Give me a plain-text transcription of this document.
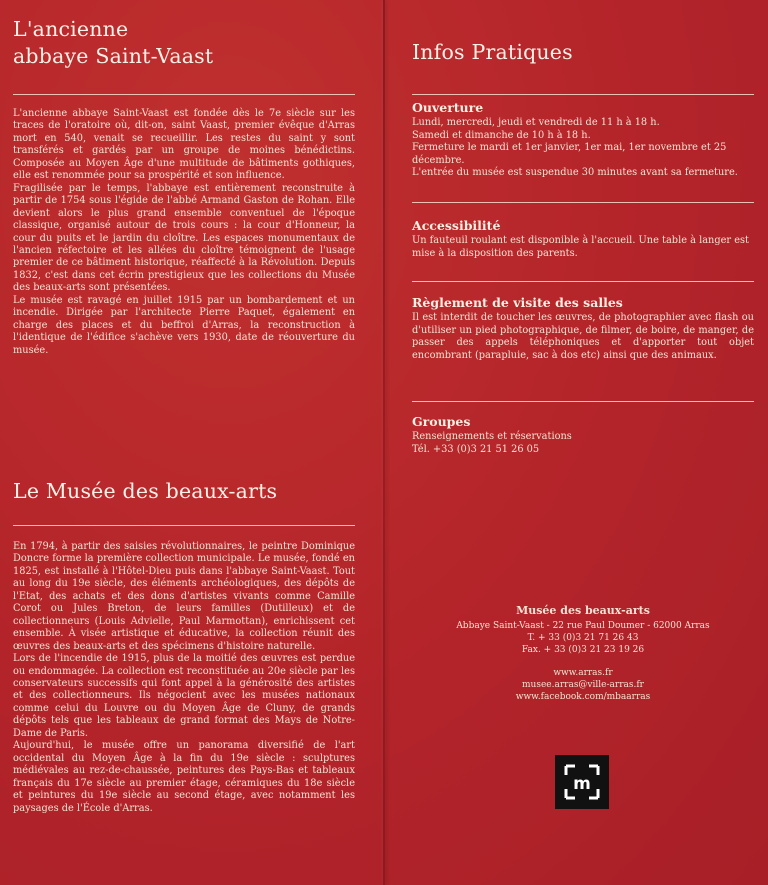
L'ancienne
abbaye Saint-Vaast

L'ancienne abbaye Saint-Vaast est fondée dès le 7e siècle sur les traces de l'oratoire où, dit-on, saint Vaast, premier évêque d'Arras mort en 540, venait se recueillir. Les restes du saint y sont transférés et gardés par un groupe de moines bénédictins. Composée au Moyen Âge d'une multitude de bâtiments gothiques, elle est renommée pour sa prospérité et son influence.

Fragilisée par le temps, l'abbaye est entièrement reconstruite à partir de 1754 sous l'égide de l'abbé Armand Gaston de Rohan. Elle devient alors le plus grand ensemble conventuel de l'époque classique, organisé autour de trois cours : la cour d'Honneur, la cour du puits et le jardin du cloître. Les espaces monumentaux de l'ancien réfectoire et les allées du cloître témoignent de l'usage premier de ce bâtiment historique, réaffecté à la Révolution. Depuis 1832, c'est dans cet écrin prestigieux que les collections du Musée des beaux-arts sont présentées.

Le musée est ravagé en juillet 1915 par un bombardement et un incendie. Dirigée par l'architecte Pierre Paquet, également en charge des places et du beffroi d'Arras, la reconstruction à l'identique de l'édifice s'achève vers 1930, date de réouverture du musée.

Le Musée des beaux-arts

En 1794, à partir des saisies révolutionnaires, le peintre Dominique Doncre forme la première collection municipale. Le musée, fondé en 1825, est installé à l'Hôtel-Dieu puis dans l'abbaye Saint-Vaast. Tout au long du 19e siècle, des éléments archéologiques, des dépôts de l'Etat, des achats et des dons d'artistes vivants comme Camille Corot ou Jules Breton, de leurs familles (Dutilleux) et de collectionneurs (Louis Advielle, Paul Marmottan), enrichissent cet ensemble. À visée artistique et éducative, la collection réunit des œuvres des beaux-arts et des spécimens d'histoire naturelle.

Lors de l'incendie de 1915, plus de la moitié des œuvres est perdue ou endommagée. La collection est reconstituée au 20e siècle par les conservateurs successifs qui font appel à la générosité des artistes et des collectionneurs. Ils négocient avec les musées nationaux comme celui du Louvre ou du Moyen Âge de Cluny, de grands dépôts tels que les tableaux de grand format des Mays de Notre-Dame de Paris.

Aujourd'hui, le musée offre un panorama diversifié de l'art occidental du Moyen Âge à la fin du 19e siècle : sculptures médiévales au rez-de-chaussée, peintures des Pays-Bas et tableaux français du 17e siècle au premier étage, céramiques du 18e siècle et peintures du 19e siècle au second étage, avec notamment les paysages de l'École d'Arras.

Infos Pratiques
Ouverture

Lundi, mercredi, jeudi et vendredi de 11 h à 18 h.

Samedi et dimanche de 10 h à 18 h.

Fermeture le mardi et 1er janvier, 1er mai, 1er novembre et 25 décembre.

L'entrée du musée est suspendue 30 minutes avant sa fermeture.

Accessibilité
Un fauteuil roulant est disponible à l'accueil. Une table à langer est mise à la disposition des parents.
Règlement de visite des salles
Il est interdit de toucher les œuvres, de photographier avec flash ou d'utiliser un pied photographique, de filmer, de boire, de manger, de passer des appels téléphoniques et d'apporter tout objet encombrant (parapluie, sac à dos etc) ainsi que des animaux.
Groupes

Renseignements et réservations

Tél. +33 (0)3 21 51 26 05

Musée des beaux-arts
Abbaye Saint-Vaast - 22 rue Paul Doumer - 62000 Arras
T. + 33 (0)3 21 71 26 43
Fax. + 33 (0)3 21 23 19 26
www.arras.fr
musee.arras@ville-arras.fr
www.facebook.com/mbaarras
m
